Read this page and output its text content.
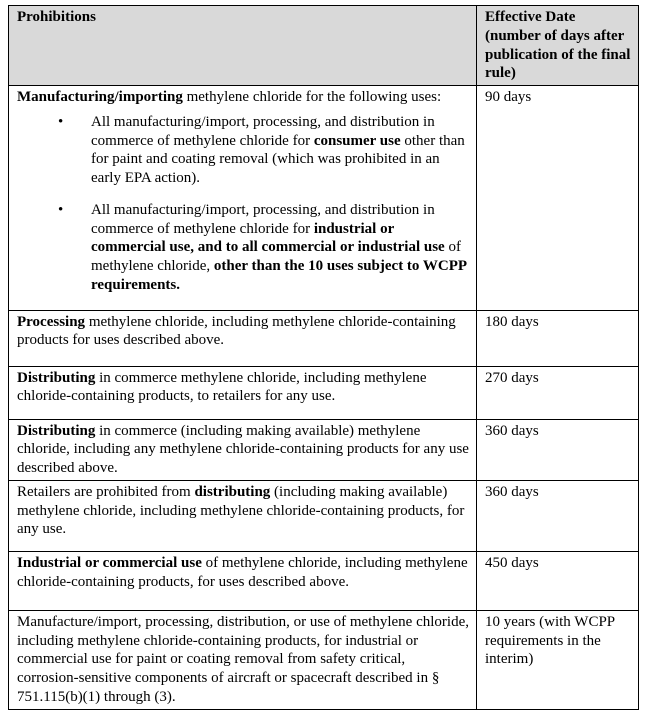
Prohibitions	Effective Date (number of days after publication of the final rule)

Manufacturing/importing methylene chloride for the following uses:
• All manufacturing/import, processing, and distribution in commerce of methylene chloride for consumer use other than for paint and coating removal (which was prohibited in an early EPA action).
• All manufacturing/import, processing, and distribution in commerce of methylene chloride for industrial or commercial use, and to all commercial or industrial use of methylene chloride, other than the 10 uses subject to WCPP requirements.	90 days

Processing methylene chloride, including methylene chloride-containing products for uses described above.	180 days

Distributing in commerce methylene chloride, including methylene chloride-containing products, to retailers for any use.	270 days

Distributing in commerce (including making available) methylene chloride, including any methylene chloride-containing products for any use described above.	360 days

Retailers are prohibited from distributing (including making available) methylene chloride, including methylene chloride-containing products, for any use.	360 days

Industrial or commercial use of methylene chloride, including methylene chloride-containing products, for uses described above.	450 days

Manufacture/import, processing, distribution, or use of methylene chloride, including methylene chloride-containing products, for industrial or commercial use for paint or coating removal from safety critical, corrosion-sensitive components of aircraft or spacecraft described in § 751.115(b)(1) through (3).	10 years (with WCPP requirements in the interim)
